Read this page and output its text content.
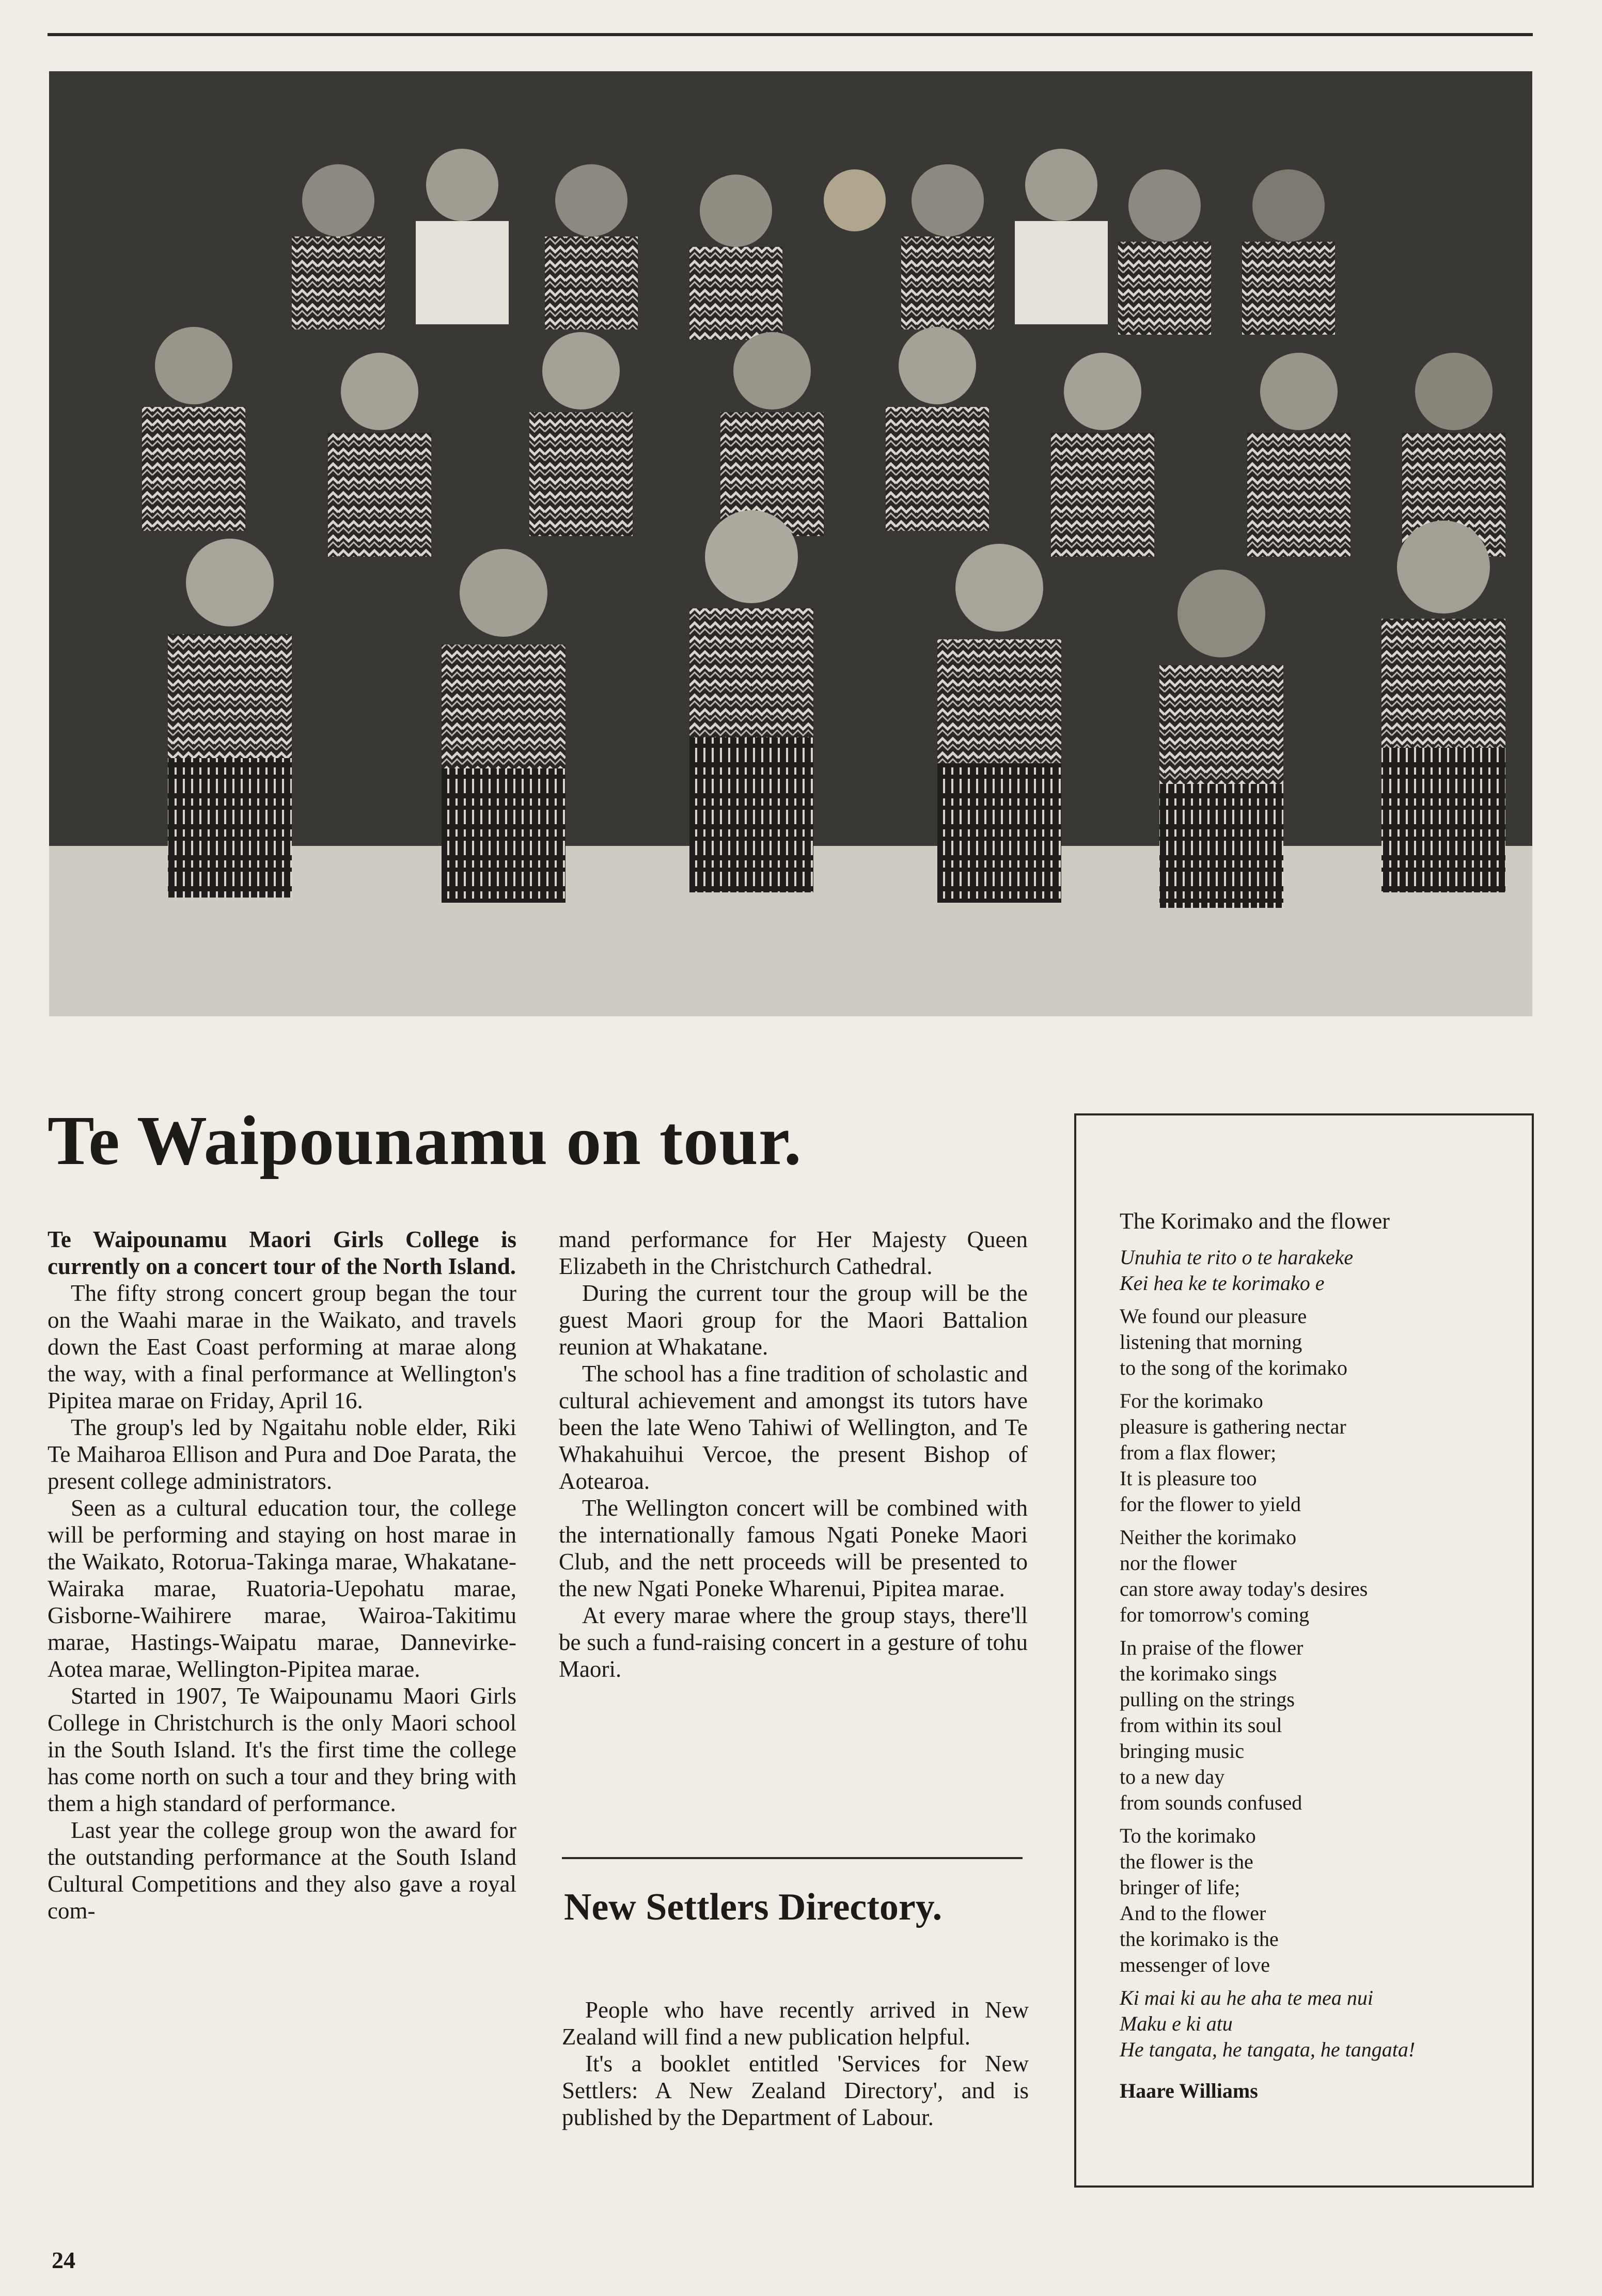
Te Waipounamu on tour.

Te Waipounamu Maori Girls College is currently on a concert tour of the North Island.

The fifty strong concert group began the tour on the Waahi marae in the Waikato, and travels down the East Coast performing at marae along the way, with a final performance at Wellington's Pipitea marae on Friday, April 16.

The group's led by Ngaitahu noble elder, Riki Te Maiharoa Ellison and Pura and Doe Parata, the present college administrators.

Seen as a cultural education tour, the college will be performing and staying on host marae in the Waikato, Rotorua-Takinga marae, Whakatane-Wairaka marae, Ruatoria-Uepohatu marae, Gisborne-Waihirere marae, Wairoa-Takitimu marae, Hastings-Waipatu marae, Dannevirke-Aotea marae, Wellington-Pipitea marae.

Started in 1907, Te Waipounamu Maori Girls College in Christchurch is the only Maori school in the South Island. It's the first time the college has come north on such a tour and they bring with them a high standard of performance.

Last year the college group won the award for the outstanding performance at the South Island Cultural Competitions and they also gave a royal com-

mand performance for Her Majesty Queen Elizabeth in the Christchurch Cathedral.

During the current tour the group will be the guest Maori group for the Maori Battalion reunion at Whakatane.

The school has a fine tradition of scholastic and cultural achievement and amongst its tutors have been the late Weno Tahiwi of Wellington, and Te Whakahuihui Vercoe, the present Bishop of Aotearoa.

The Wellington concert will be combined with the internationally famous Ngati Poneke Maori Club, and the nett proceeds will be presented to the new Ngati Poneke Wharenui, Pipitea marae.

At every marae where the group stays, there'll be such a fund-raising concert in a gesture of tohu Maori.

New Settlers Directory.

People who have recently arrived in New Zealand will find a new publication helpful.

It's a booklet entitled 'Services for New Settlers: A New Zealand Directory', and is published by the Department of Labour.

The Korimako and the flower
Unuhia te rito o te harakeke
Kei hea ke te korimako e
We found our pleasure
listening that morning
to the song of the korimako
For the korimako
pleasure is gathering nectar
from a flax flower;
It is pleasure too
for the flower to yield
Neither the korimako
nor the flower
can store away today's desires
for tomorrow's coming
In praise of the flower
the korimako sings
pulling on the strings
from within its soul
bringing music
to a new day
from sounds confused
To the korimako
the flower is the
bringer of life;
And to the flower
the korimako is the
messenger of love
Ki mai ki au he aha te mea nui
Maku e ki atu
He tangata, he tangata, he tangata!
Haare Williams
24
